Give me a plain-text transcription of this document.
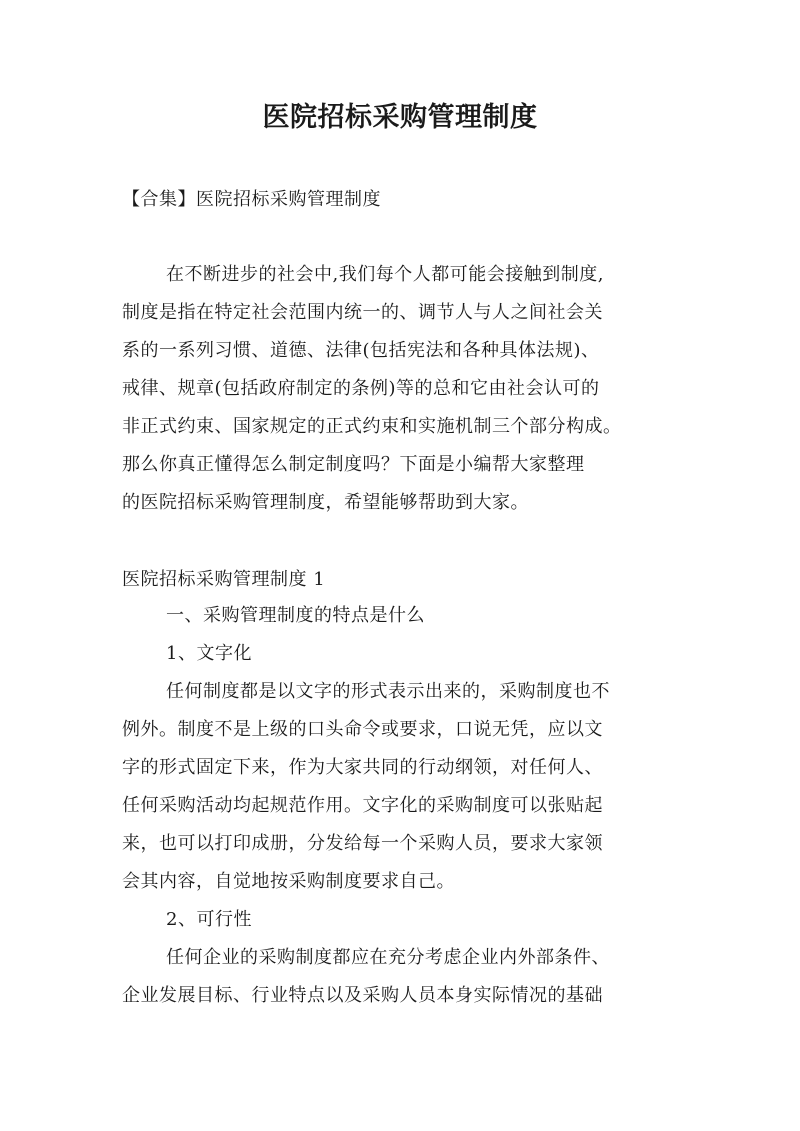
医院招标采购管理制度
【合集】医院招标采购管理制度
在不断进步的社会中,我们每个人都可能会接触到制度,
制度是指在特定社会范围内统一的、调节人与人之间社会关
系的一系列习惯、道德、法律(包括宪法和各种具体法规)、
戒律、规章(包括政府制定的条例)等的总和它由社会认可的
非正式约束、国家规定的正式约束和实施机制三个部分构成。
那么你真正懂得怎么制定制度吗？下面是小编帮大家整理
的医院招标采购管理制度，希望能够帮助到大家。
医院招标采购管理制度 1
一、采购管理制度的特点是什么
1、文字化
任何制度都是以文字的形式表示出来的，采购制度也不
例外。制度不是上级的口头命令或要求，口说无凭，应以文
字的形式固定下来，作为大家共同的行动纲领，对任何人、
任何采购活动均起规范作用。文字化的采购制度可以张贴起
来，也可以打印成册，分发给每一个采购人员，要求大家领
会其内容，自觉地按采购制度要求自己。
2、可行性
任何企业的采购制度都应在充分考虑企业内外部条件、
企业发展目标、行业特点以及采购人员本身实际情况的基础
